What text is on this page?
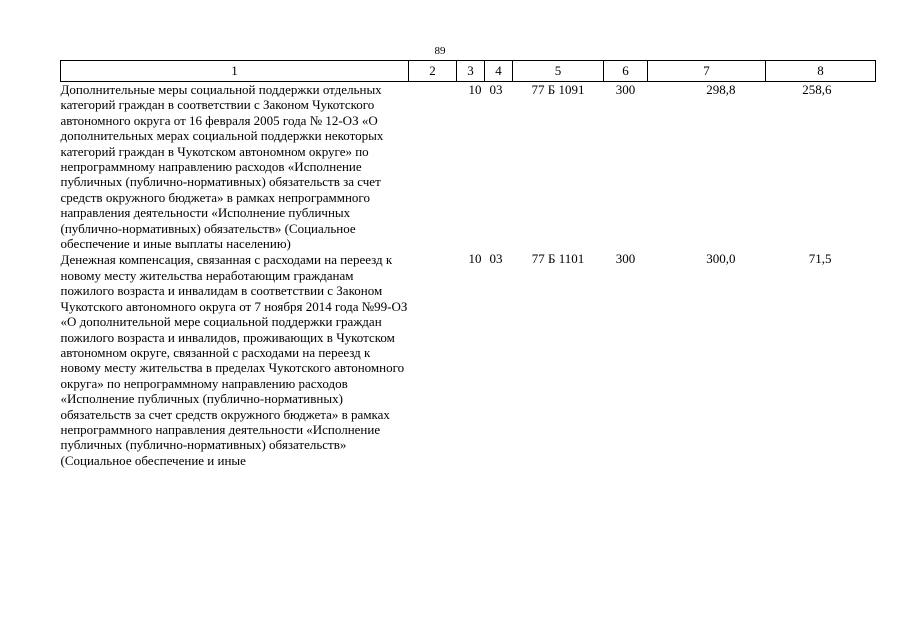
89
1	2	3	4	5	6	7	8
Дополнительные меры социальной поддержки отдельных категорий граждан в соответствии с Законом Чукотского автономного округа от 16 февраля 2005 года № 12-ОЗ «О дополнительных мерах социальной поддержки некоторых категорий граждан в Чукотском автономном округе» по непрограммному направлению расходов «Исполнение публичных (публично-нормативных) обязательств за счет средств окружного бюджета» в рамках непрограммного направления деятельности «Исполнение публичных (публично-нормативных) обязательств» (Социальное обеспечение и иные выплаты населению)		10	03	77 Б 1091	300	298,8	258,6
Денежная компенсация, связанная с расходами на переезд к новому месту жительства неработающим гражданам пожилого возраста и инвалидам в соответствии с Законом Чукотского автономного округа от 7 ноября 2014 года №99-ОЗ «О дополнительной мере социальной поддержки граждан пожилого возраста и инвалидов, проживающих в Чукотском автономном округе, связанной с расходами на переезд к новому месту жительства в пределах Чукотского автономного округа» по непрограммному направлению расходов «Исполнение публичных (публично-нормативных) обязательств за счет средств окружного бюджета» в рамках непрограммного направления деятельности «Исполнение публичных (публично-нормативных) обязательств» (Социальное обеспечение и иные		10	03	77 Б 1101	300	300,0	71,5
